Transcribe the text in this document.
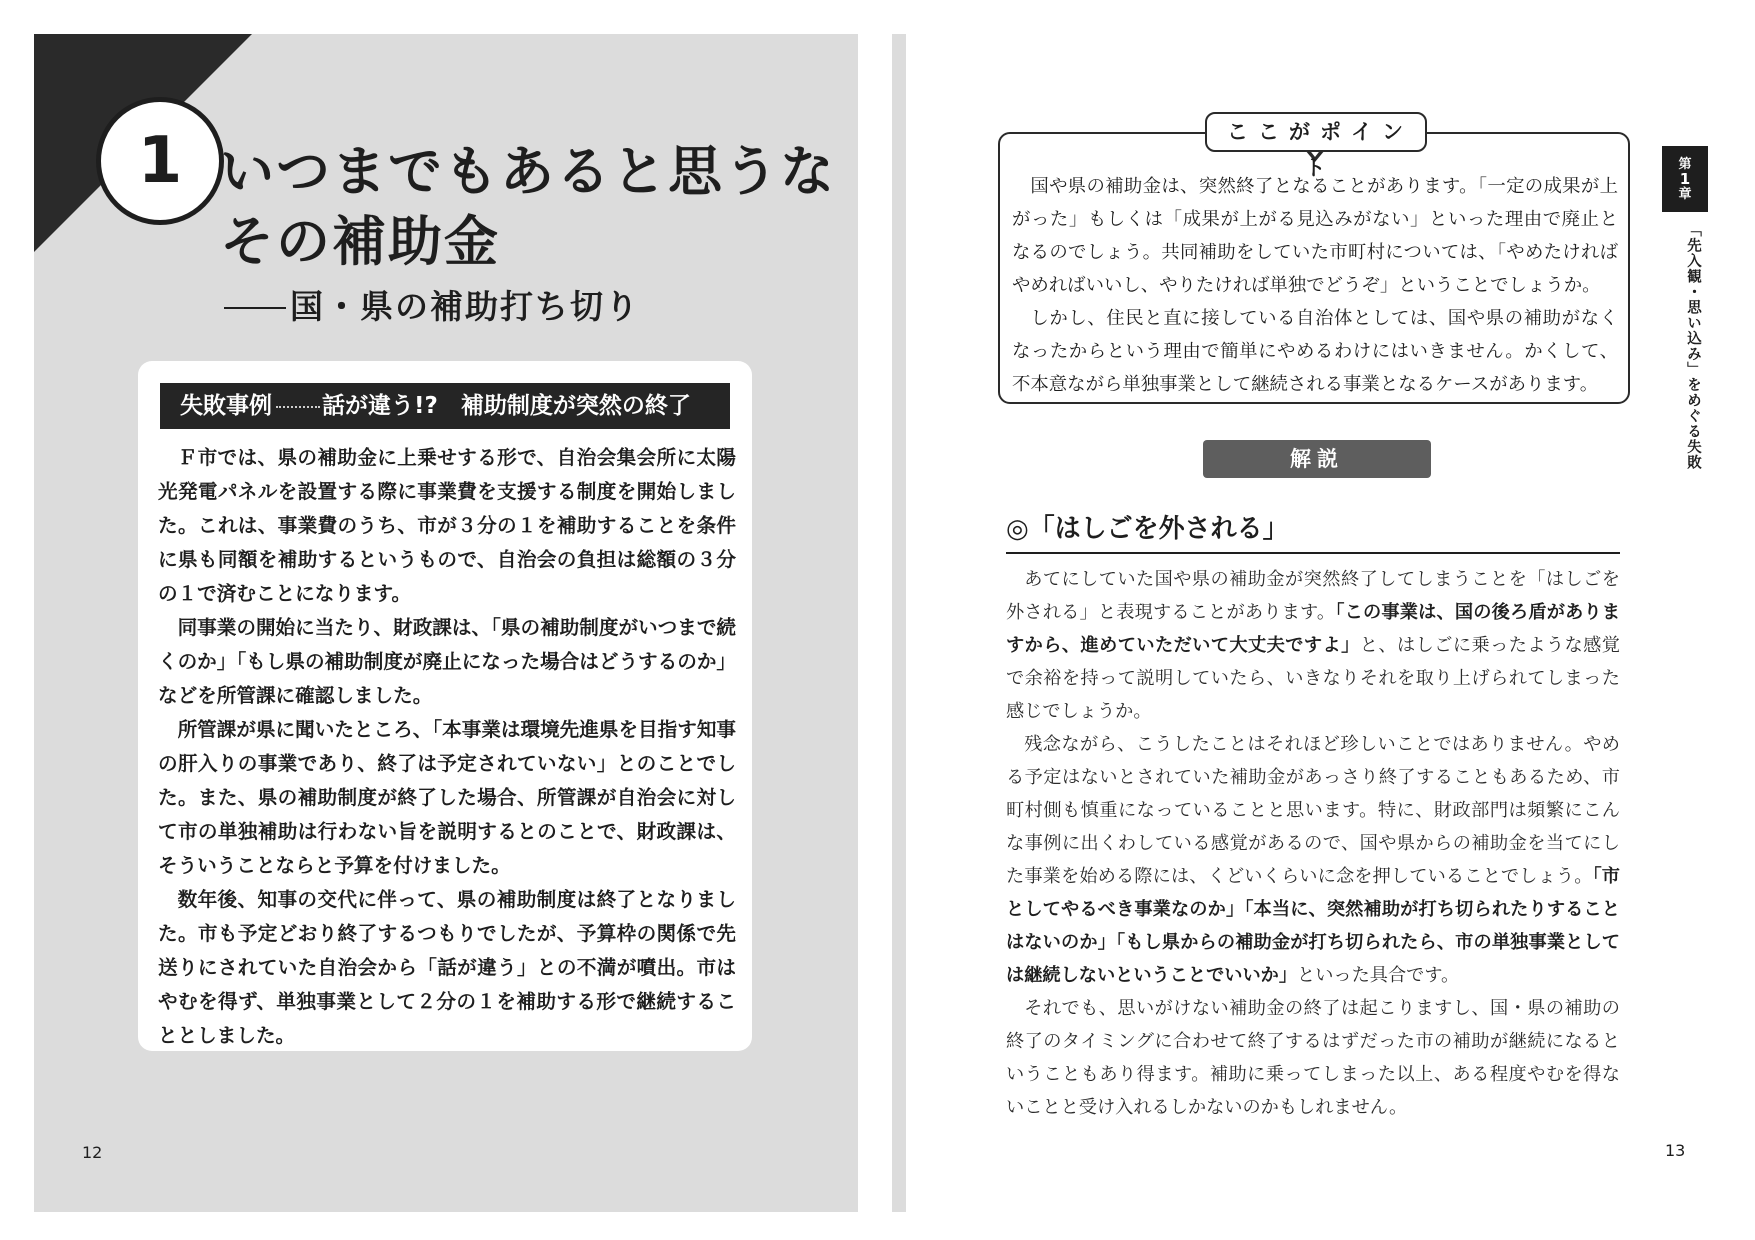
1 いつまでもあると思うな
その補助金
国・県の補助打ち切り
失敗事例 話が違う!?　補助制度が突然の終了

Ｆ市では、県の補助金に上乗せする形で、自治会集会所に太陽光発電パネルを設置する際に事業費を支援する制度を開始しました。これは、事業費のうち、市が３分の１を補助することを条件に県も同額を補助するというもので、自治会の負担は総額の３分の１で済むことになります。

同事業の開始に当たり、財政課は、「県の補助制度がいつまで続くのか」「もし県の補助制度が廃止になった場合はどうするのか」などを所管課に確認しました。

所管課が県に聞いたところ、「本事業は環境先進県を目指す知事の肝入りの事業であり、終了は予定されていない」とのことでした。また、県の補助制度が終了した場合、所管課が自治会に対して市の単独補助は行わない旨を説明するとのことで、財政課は、そういうことならと予算を付けました。

数年後、知事の交代に伴って、県の補助制度は終了となりました。市も予定どおり終了するつもりでしたが、予算枠の関係で先送りにされていた自治会から「話が違う」との不満が噴出。市はやむを得ず、単独事業として２分の１を補助する形で継続することとしました。

12
ここがポイント

国や県の補助金は、突然終了となることがあります。「一定の成果が上がった」もしくは「成果が上がる見込みがない」といった理由で廃止となるのでしょう。共同補助をしていた市町村については、「やめたければやめればいいし、やりたければ単独でどうぞ」ということでしょうか。

しかし、住民と直に接している自治体としては、国や県の補助がなくなったからという理由で簡単にやめるわけにはいきません。かくして、不本意ながら単独事業として継続される事業となるケースがあります。

解説
◎「はしごを外される」

あてにしていた国や県の補助金が突然終了してしまうことを「はしごを外される」と表現することがあります。「この事業は、国の後ろ盾がありますから、進めていただいて大丈夫ですよ」と、はしごに乗ったような感覚で余裕を持って説明していたら、いきなりそれを取り上げられてしまった感じでしょうか。

残念ながら、こうしたことはそれほど珍しいことではありません。やめる予定はないとされていた補助金があっさり終了することもあるため、市町村側も慎重になっていることと思います。特に、財政部門は頻繁にこんな事例に出くわしている感覚があるので、国や県からの補助金を当てにした事業を始める際には、くどいくらいに念を押していることでしょう。「市としてやるべき事業なのか」「本当に、突然補助が打ち切られたりすることはないのか」「もし県からの補助金が打ち切られたら、市の単独事業としては継続しないということでいいか」といった具合です。

それでも、思いがけない補助金の終了は起こりますし、国・県の補助の終了のタイミングに合わせて終了するはずだった市の補助が継続になるということもあり得ます。補助に乗ってしまった以上、ある程度やむを得ないことと受け入れるしかないのかもしれません。

第
1
章
「先入観・思い込み」をめぐる失敗
13
